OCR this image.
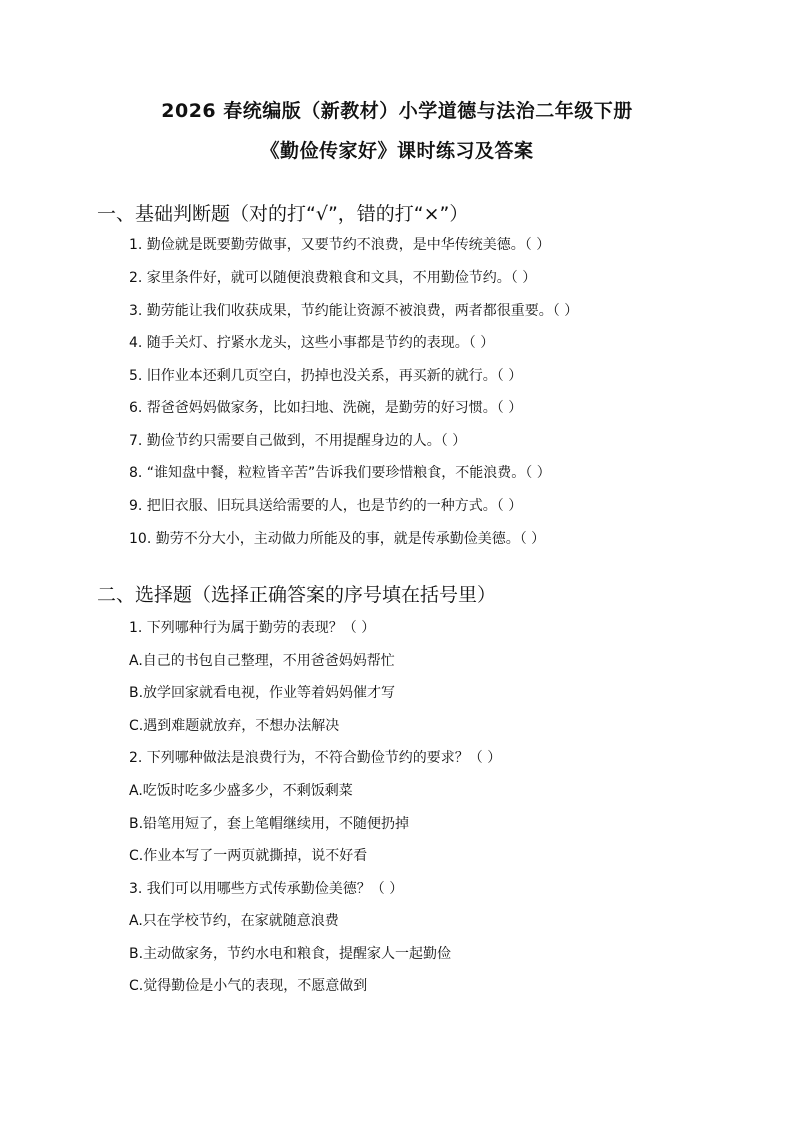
2026 春统编版（新教材）小学道德与法治二年级下册
《勤俭传家好》课时练习及答案
一、基础判断题（对的打“√”，错的打“×”）
1. 勤俭就是既要勤劳做事，又要节约不浪费，是中华传统美德。（ ）
2. 家里条件好，就可以随便浪费粮食和文具，不用勤俭节约。（ ）
3. 勤劳能让我们收获成果，节约能让资源不被浪费，两者都很重要。（ ）
4. 随手关灯、拧紧水龙头，这些小事都是节约的表现。（ ）
5. 旧作业本还剩几页空白，扔掉也没关系，再买新的就行。（ ）
6. 帮爸爸妈妈做家务，比如扫地、洗碗，是勤劳的好习惯。（ ）
7. 勤俭节约只需要自己做到，不用提醒身边的人。（ ）
8. “谁知盘中餐，粒粒皆辛苦”告诉我们要珍惜粮食，不能浪费。（ ）
9. 把旧衣服、旧玩具送给需要的人，也是节约的一种方式。（ ）
10. 勤劳不分大小，主动做力所能及的事，就是传承勤俭美德。（ ）
二、选择题（选择正确答案的序号填在括号里）
1. 下列哪种行为属于勤劳的表现？（ ）
A.自己的书包自己整理，不用爸爸妈妈帮忙
B.放学回家就看电视，作业等着妈妈催才写
C.遇到难题就放弃，不想办法解决
2. 下列哪种做法是浪费行为，不符合勤俭节约的要求？（ ）
A.吃饭时吃多少盛多少，不剩饭剩菜
B.铅笔用短了，套上笔帽继续用，不随便扔掉
C.作业本写了一两页就撕掉，说不好看
3. 我们可以用哪些方式传承勤俭美德？（ ）
A.只在学校节约，在家就随意浪费
B.主动做家务，节约水电和粮食，提醒家人一起勤俭
C.觉得勤俭是小气的表现，不愿意做到
